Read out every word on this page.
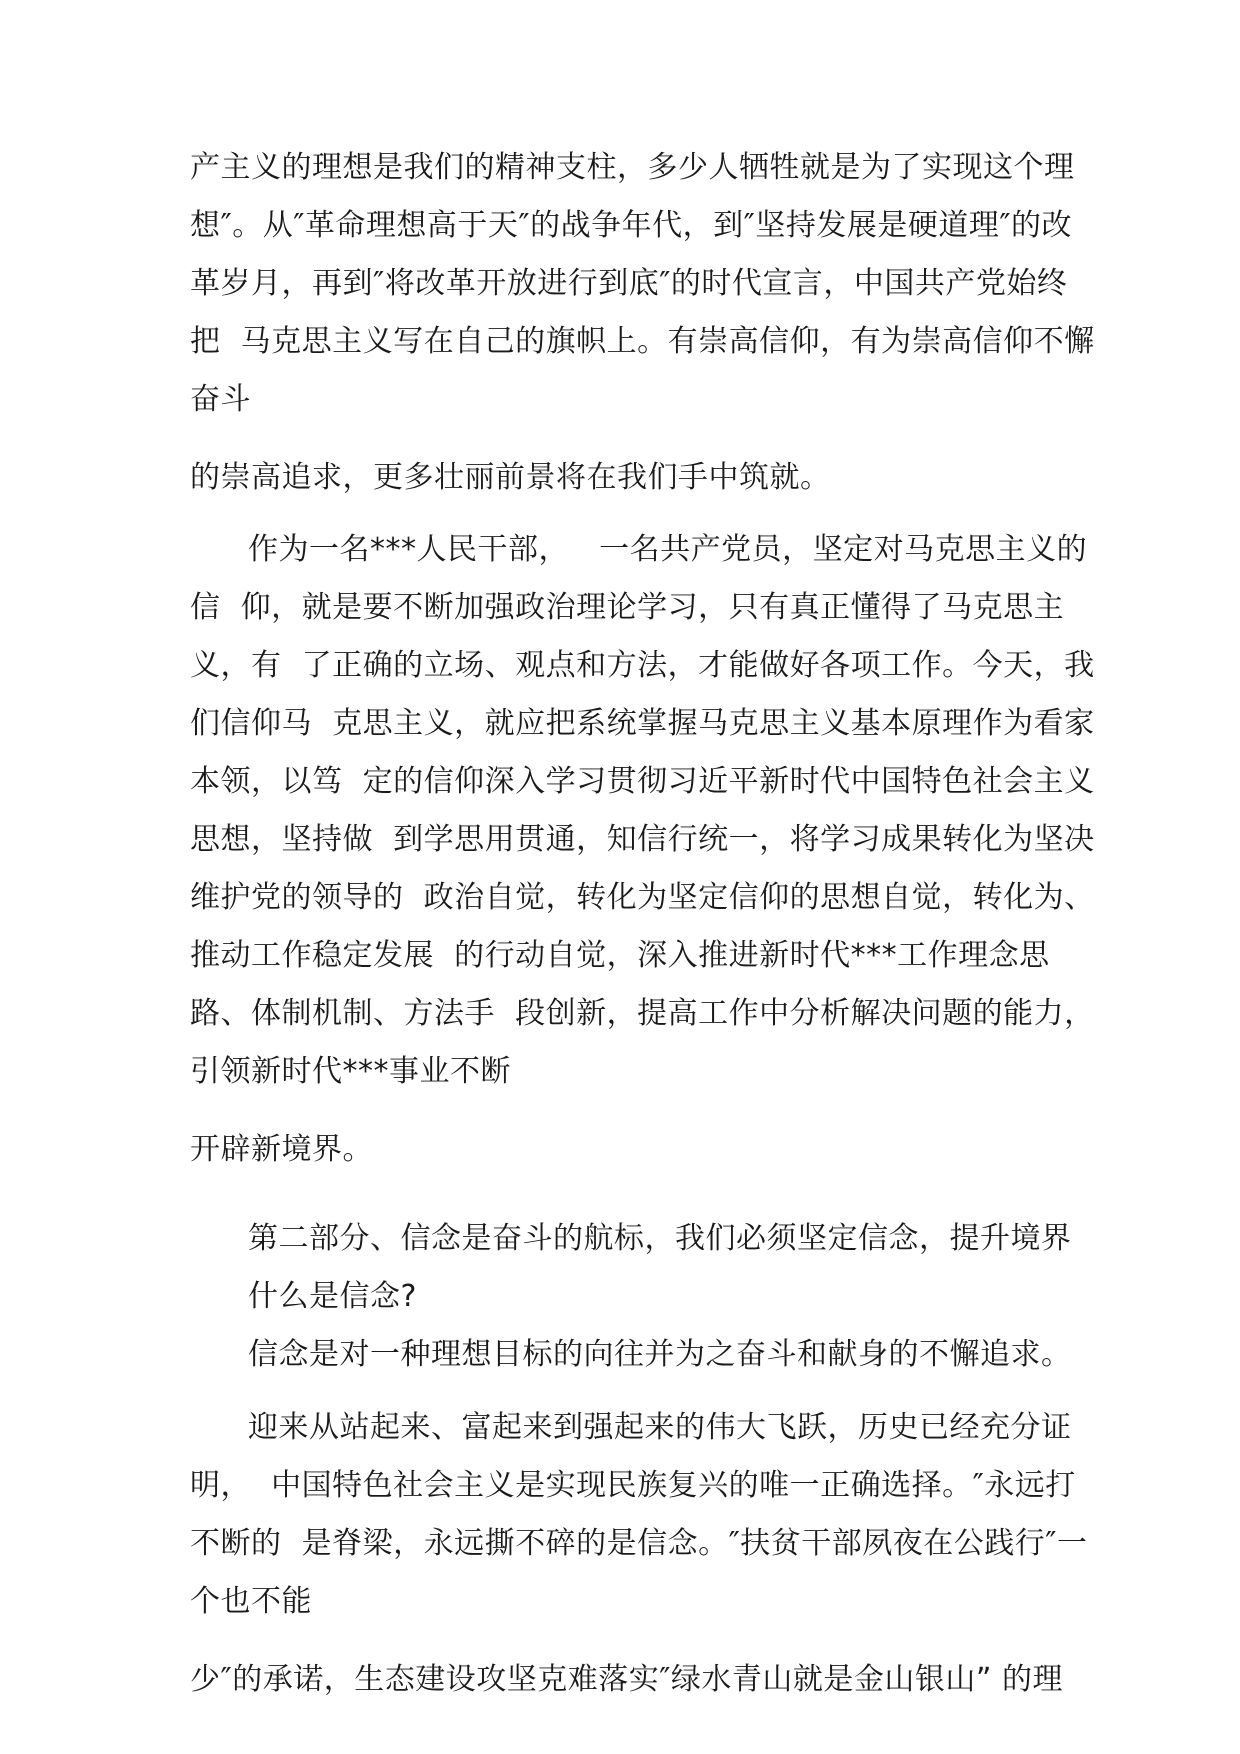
产主义的理想是我们的精神支柱，多少人牺牲就是为了实现这个理
想″。从″革命理想高于天″的战争年代，到″坚持发展是硬道理″的改
革岁月，再到″将改革开放进行到底″的时代宣言，中国共产党始终
把  马克思主义写在自己的旗帜上。有崇高信仰，有为崇高信仰不懈
奋斗
的崇高追求，更多壮丽前景将在我们手中筑就。
作为一名***人民干部，   一名共产党员，坚定对马克思主义的
信  仰，就是要不断加强政治理论学习，只有真正懂得了马克思主
义，有  了正确的立场、观点和方法，才能做好各项工作。今天，我
们信仰马  克思主义，就应把系统掌握马克思主义基本原理作为看家
本领，以笃  定的信仰深入学习贯彻习近平新时代中国特色社会主义
思想，坚持做  到学思用贯通，知信行统一，将学习成果转化为坚决
维护党的领导的  政治自觉，转化为坚定信仰的思想自觉，转化为、
推动工作稳定发展  的行动自觉，深入推进新时代***工作理念思
路、体制机制、方法手  段创新，提高工作中分析解决问题的能力，
引领新时代***事业不断
开辟新境界。
第二部分、信念是奋斗的航标，我们必须坚定信念，提升境界
什么是信念?
信念是对一种理想目标的向往并为之奋斗和献身的不懈追求。
迎来从站起来、富起来到强起来的伟大飞跃，历史已经充分证
明，  中国特色社会主义是实现民族复兴的唯一正确选择。″永远打
不断的  是脊梁，永远撕不碎的是信念。″扶贫干部夙夜在公践行″一
个也不能
少″的承诺，生态建设攻坚克难落实″绿水青山就是金山银山” 的理
